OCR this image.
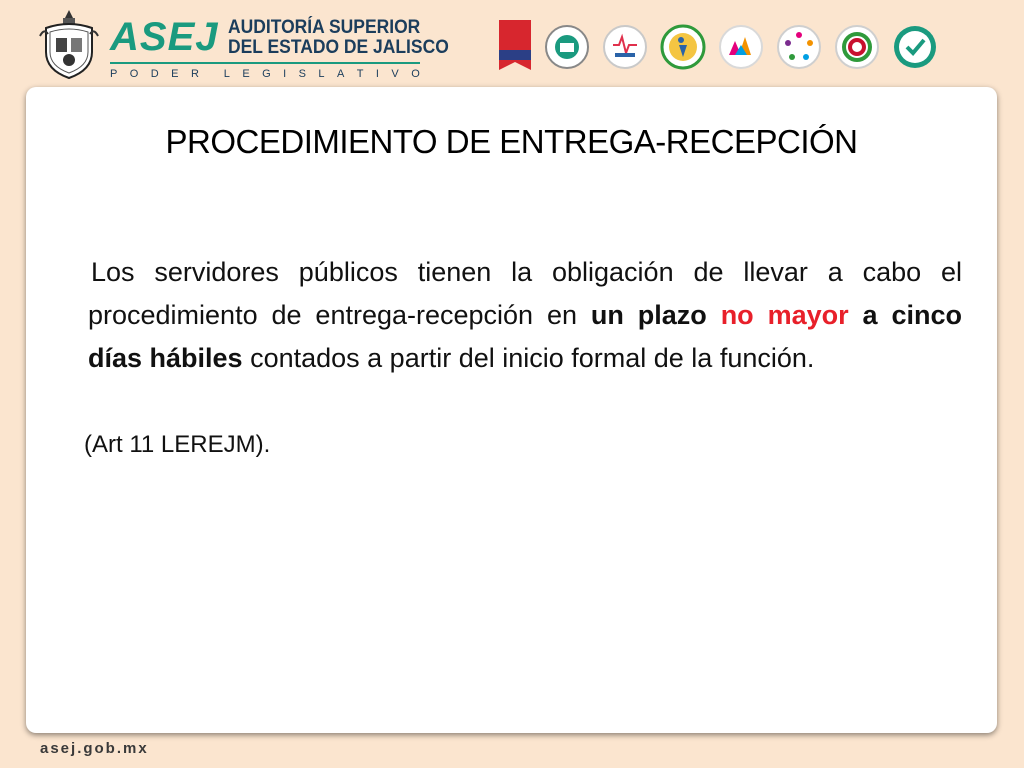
ASEJ AUDITORÍA SUPERIOR
DEL ESTADO DE JALISCO
P O D E R L E G I S L A T I V O
PROCEDIMIENTO DE ENTREGA-RECEPCIÓN
Los servidores públicos tienen la obligación de llevar a cabo el procedimiento de entrega-recepción en un plazo no mayor a cinco días hábiles contados a partir del inicio formal de la función.
(Art 11 LEREJM).
asej.gob.mx
